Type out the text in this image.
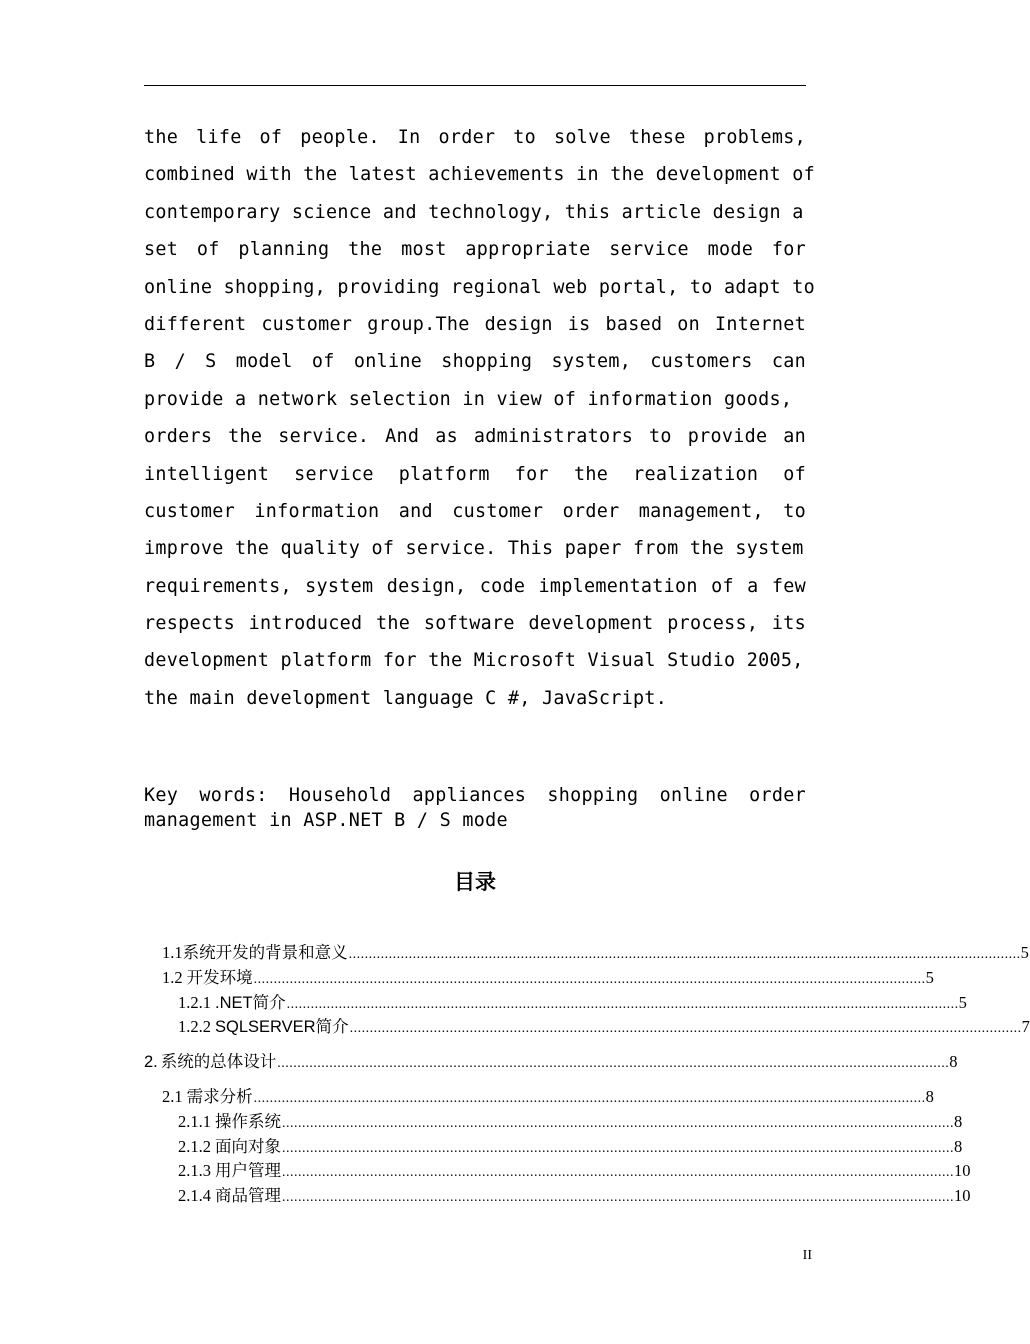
the life of people. In order to solve these problems,
combined with the latest achievements in the development of
contemporary science and technology, this article design a
set of planning the most appropriate service mode for
online shopping, providing regional web portal, to adapt to
different customer group.The design is based on Internet
B / S model of online shopping system, customers can
provide a network selection in view of information goods,
orders the service. And as administrators to provide an
intelligent service platform for the realization of
customer information and customer order management, to
improve the quality of service. This paper from the system
requirements, system design, code implementation of a few
respects introduced the software development process, its
development platform for the Microsoft Visual Studio 2005,
the main development language C #, JavaScript.
Key words: Household appliances shopping online order
management in ASP.NET B / S mode
目录
1.1 系统开发的背景和意义 ........................................................................................................................................................................ 5
1.2 开发环境 ........................................................................................................................................................................ 5
1.2.1 .NET简介 ........................................................................................................................................................................ 5
1.2.2 SQLSERVER简介 ........................................................................................................................................................................ 7
2. 系统的总体设计 ........................................................................................................................................................................ 8
2.1 需求分析 ........................................................................................................................................................................ 8
2.1.1 操作系统 ........................................................................................................................................................................ 8
2.1.2 面向对象 ........................................................................................................................................................................ 8
2.1.3 用户管理 ........................................................................................................................................................................ 10
2.1.4 商品管理 ........................................................................................................................................................................ 10
II
